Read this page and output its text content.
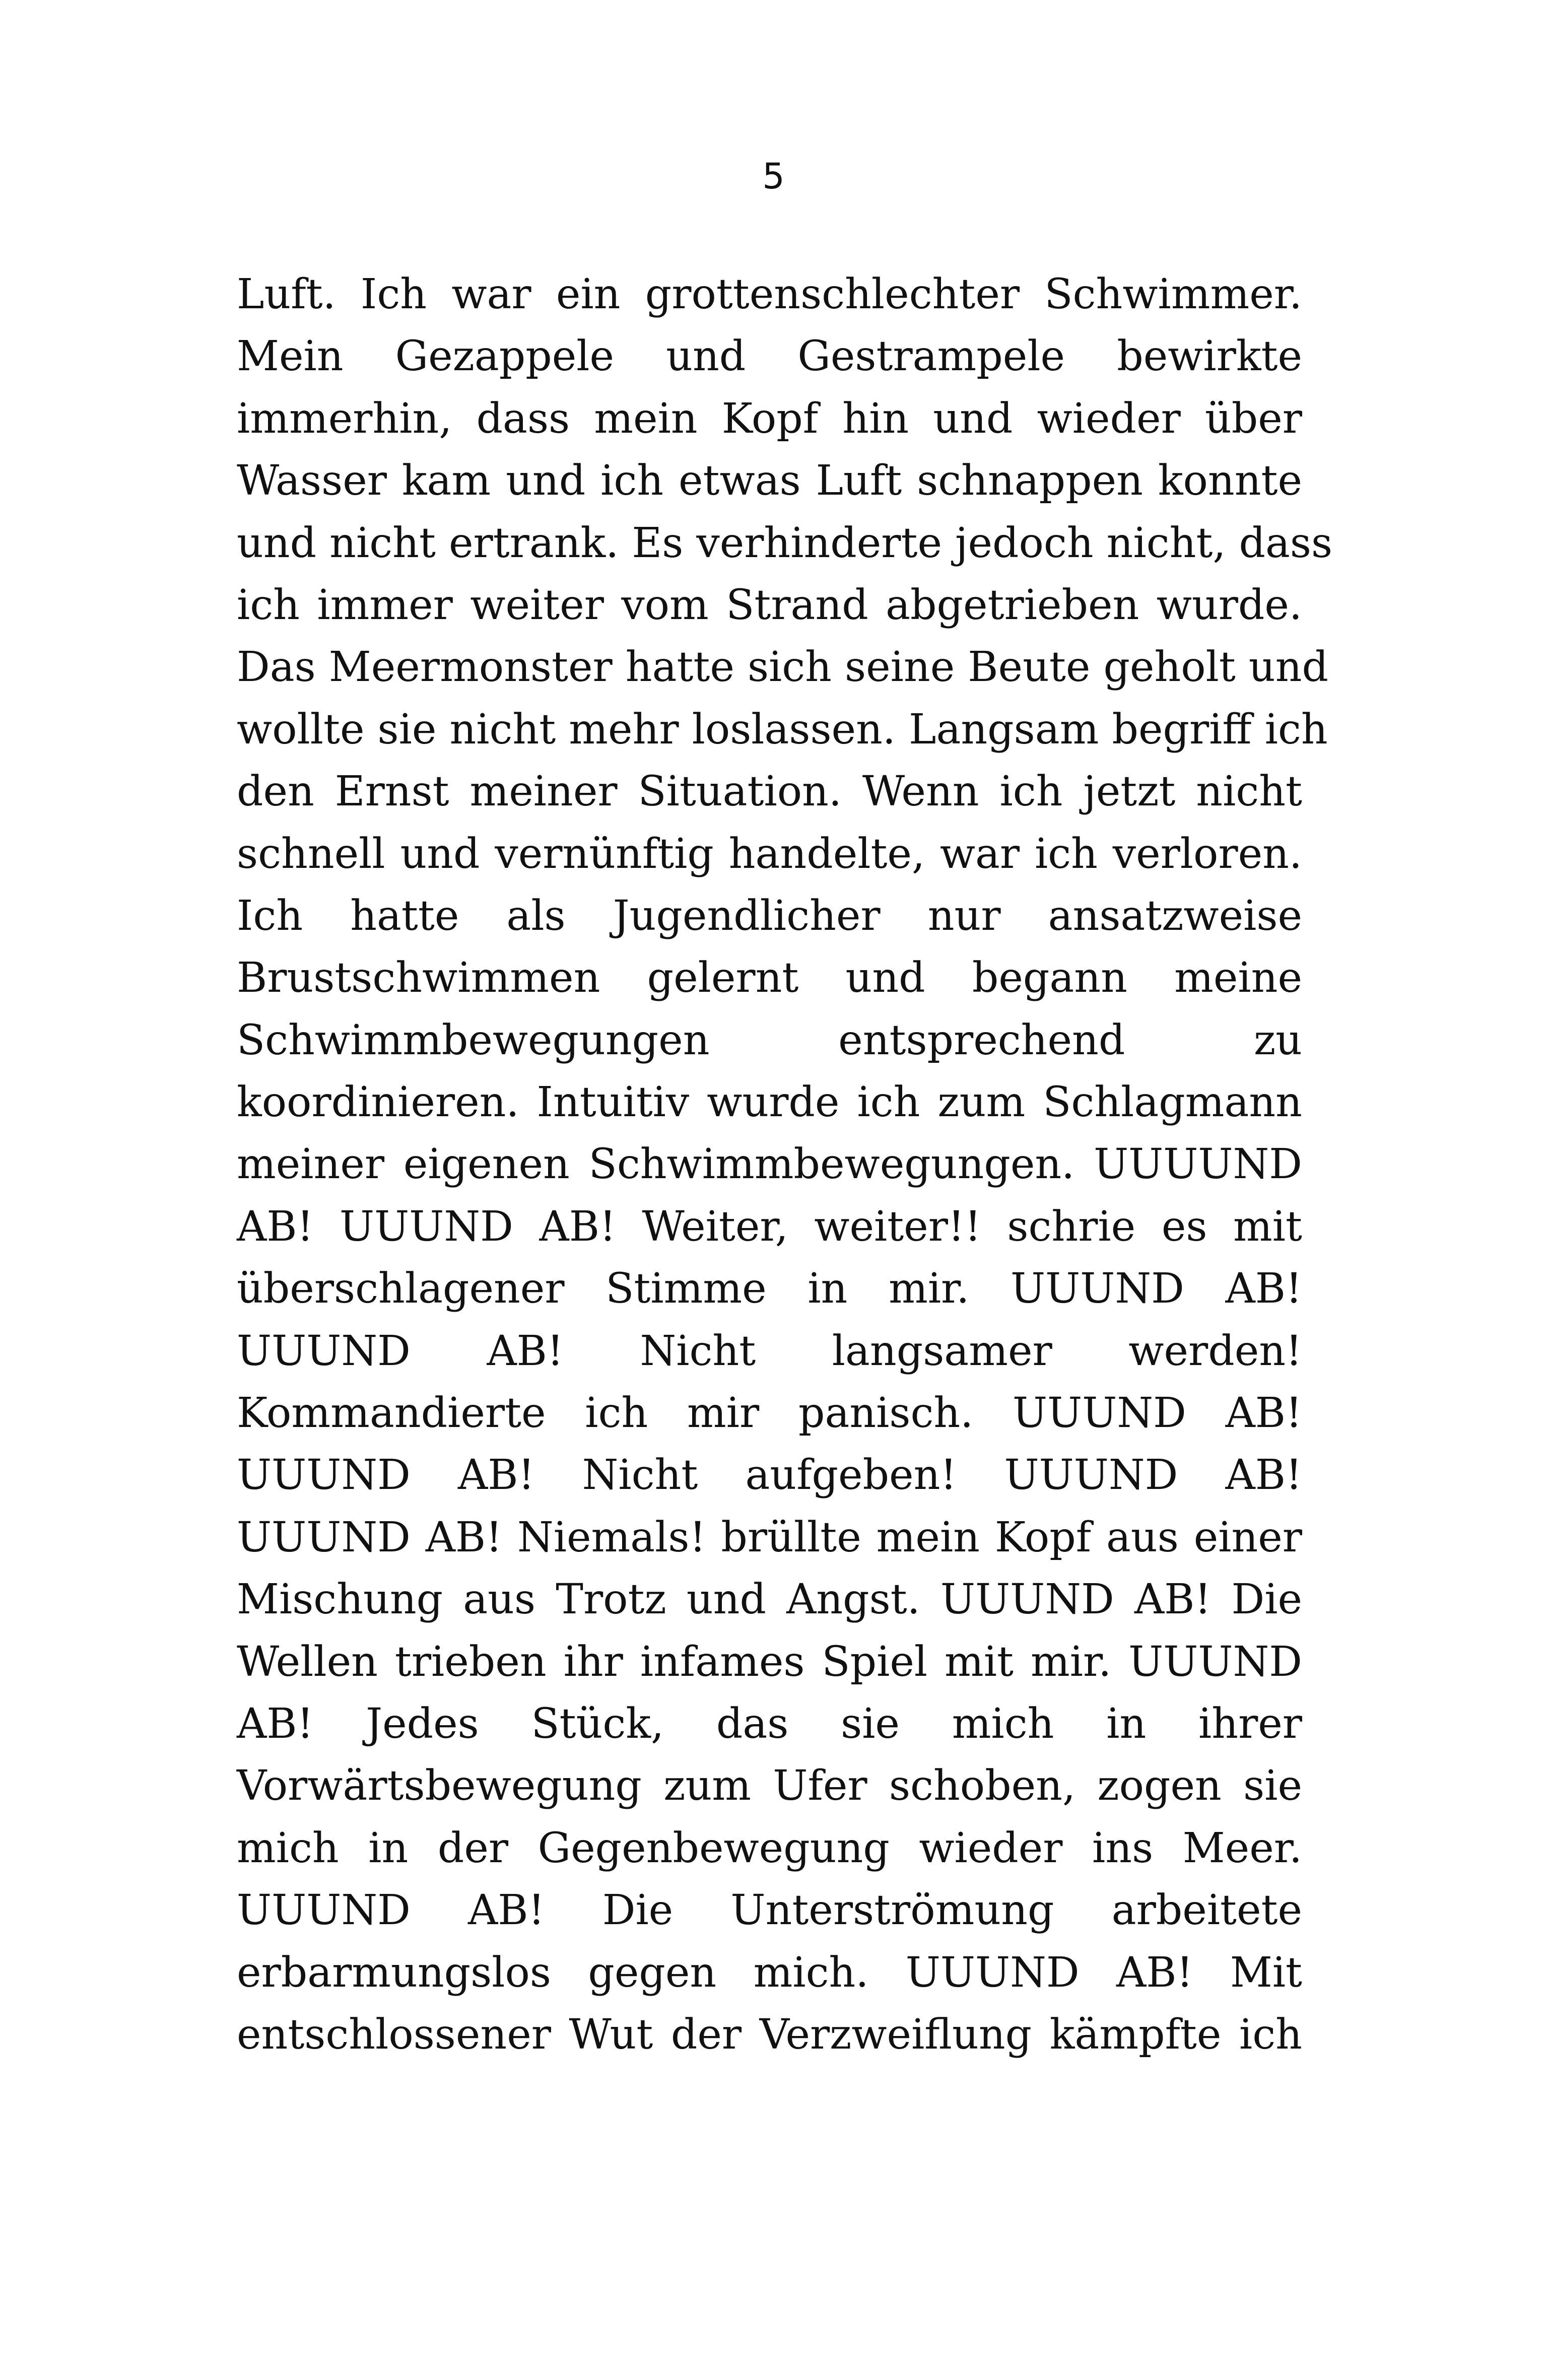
5
Luft. Ich war ein grottenschlechter Schwimmer.
Mein Gezappele und Gestrampele bewirkte
immerhin, dass mein Kopf hin und wieder über
Wasser kam und ich etwas Luft schnappen konnte
und nicht ertrank. Es verhinderte jedoch nicht, dass
ich immer weiter vom Strand abgetrieben wurde.
Das Meermonster hatte sich seine Beute geholt und
wollte sie nicht mehr loslassen. Langsam begriff ich
den Ernst meiner Situation. Wenn ich jetzt nicht
schnell und vernünftig handelte, war ich verloren.
Ich hatte als Jugendlicher nur ansatzweise
Brustschwimmen gelernt und begann meine
Schwimmbewegungen entsprechend zu
koordinieren. Intuitiv wurde ich zum Schlagmann
meiner eigenen Schwimmbewegungen. UUUUND
AB! UUUND AB! Weiter, weiter!! schrie es mit
überschlagener Stimme in mir. UUUND AB!
UUUND AB! Nicht langsamer werden!
Kommandierte ich mir panisch. UUUND AB!
UUUND AB! Nicht aufgeben! UUUND AB!
UUUND AB! Niemals! brüllte mein Kopf aus einer
Mischung aus Trotz und Angst. UUUND AB! Die
Wellen trieben ihr infames Spiel mit mir. UUUND
AB! Jedes Stück, das sie mich in ihrer
Vorwärtsbewegung zum Ufer schoben, zogen sie
mich in der Gegenbewegung wieder ins Meer.
UUUND AB! Die Unterströmung arbeitete
erbarmungslos gegen mich. UUUND AB! Mit
entschlossener Wut der Verzweiflung kämpfte ich
